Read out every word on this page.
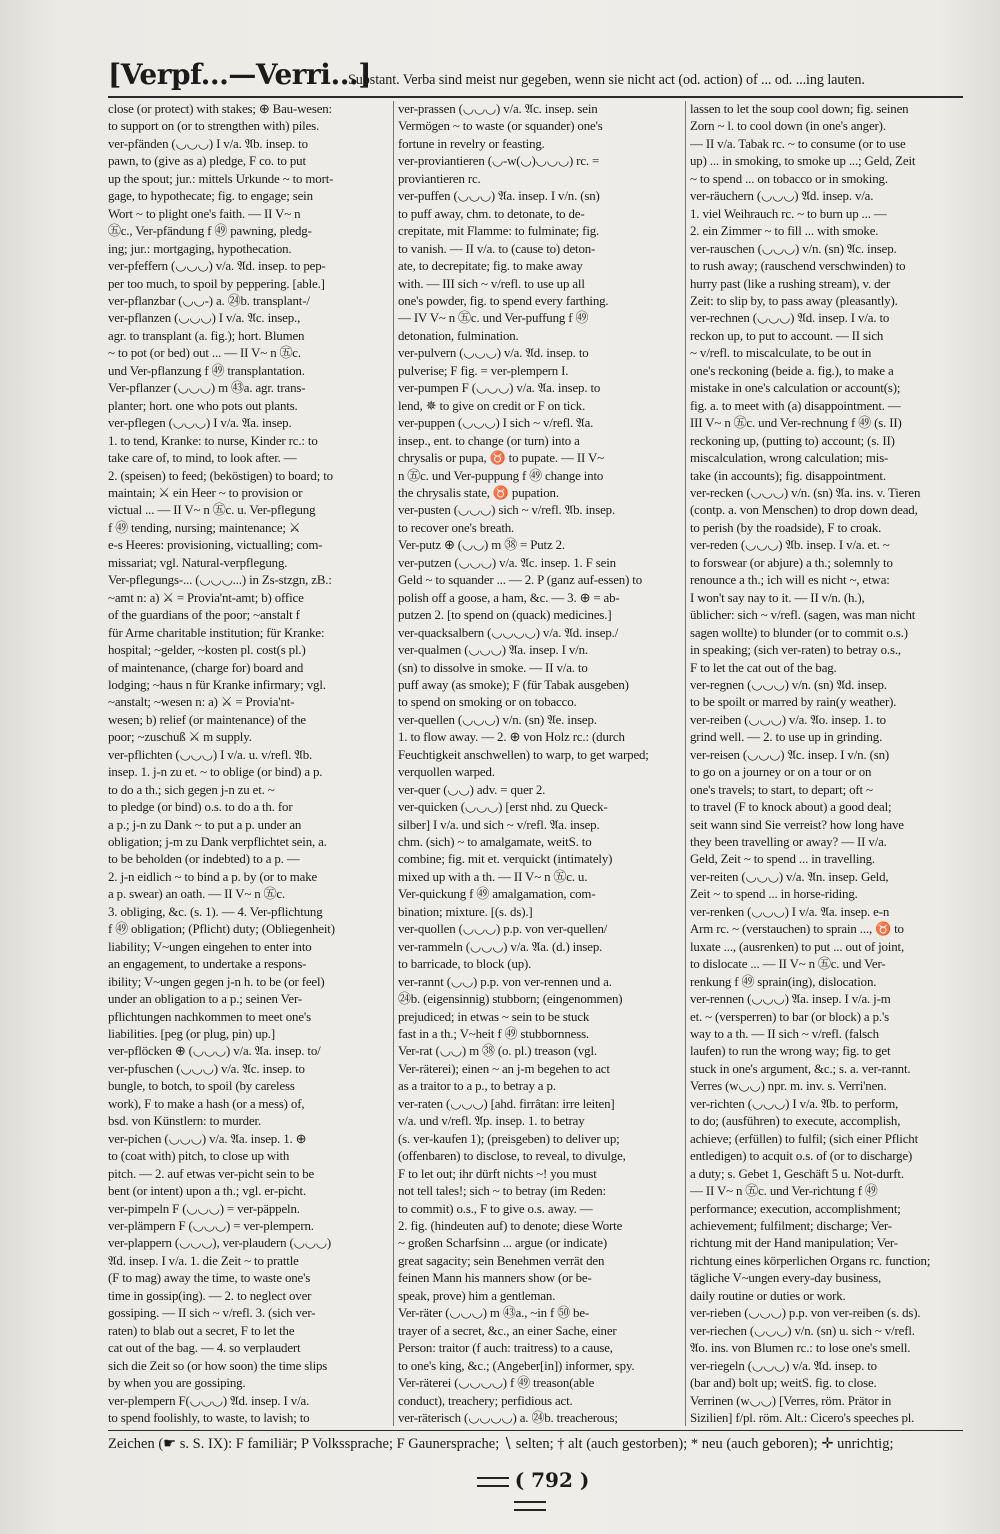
[Verpf...—Verri...]
Substant. Verba sind meist nur gegeben, wenn sie nicht act (od. action) of ... od. ...ing lauten.
close (or protect) with stakes; ⊕ Bau-wesen:
to support on (or to strengthen with) piles.
ver-pfänden (◡◡◡) I v/a. 𝔄b. insep. to
pawn, to (give as a) pledge, F co. to put
up the spout; jur.: mittels Urkunde ~ to mort-
gage, to hypothecate; fig. to engage; sein
Wort ~ to plight one's faith. — II V~ n
㊄c., Ver-pfändung f ㊾ pawning, pledg-
ing; jur.: mortgaging, hypothecation.
ver-pfeffern (◡◡◡) v/a. 𝔄d. insep. to pep-
per too much, to spoil by peppering. [able.]
ver-pflanzbar (◡◡-) a. ㉔b. transplant-/
ver-pflanzen (◡◡◡) I v/a. 𝔄c. insep.,
agr. to transplant (a. fig.); hort. Blumen
~ to pot (or bed) out ... — II V~ n ㊄c.
und Ver-pflanzung f ㊾ transplantation.
Ver-pflanzer (◡◡◡) m ㊸a. agr. trans-
planter; hort. one who pots out plants.
ver-pflegen (◡◡◡) I v/a. 𝔄a. insep.
1. to tend, Kranke: to nurse, Kinder rc.: to
take care of, to mind, to look after. —
2. (speisen) to feed; (beköstigen) to board; to
maintain; ⚔ ein Heer ~ to provision or
victual ... — II V~ n ㊄c. u. Ver-pflegung
f ㊾ tending, nursing; maintenance; ⚔
e-s Heeres: provisioning, victualling; com-
missariat; vgl. Natural-verpflegung.
Ver-pflegungs-... (◡◡◡...) in Zs-stzgn, zB.:
~amt n: a) ⚔ = Provia'nt-amt; b) office
of the guardians of the poor; ~anstalt f
für Arme charitable institution; für Kranke:
hospital; ~gelder, ~kosten pl. cost(s pl.)
of maintenance, (charge for) board and
lodging; ~haus n für Kranke infirmary; vgl.
~anstalt; ~wesen n: a) ⚔ = Provia'nt-
wesen; b) relief (or maintenance) of the
poor; ~zuschuß ⚔ m supply.
ver-pflichten (◡◡◡) I v/a. u. v/refl. 𝔄b.
insep. 1. j-n zu et. ~ to oblige (or bind) a p.
to do a th.; sich gegen j-n zu et. ~
to pledge (or bind) o.s. to do a th. for
a p.; j-n zu Dank ~ to put a p. under an
obligation; j-m zu Dank verpflichtet sein, a.
to be beholden (or indebted) to a p. —
2. j-n eidlich ~ to bind a p. by (or to make
a p. swear) an oath. — II V~ n ㊄c.
3. obliging, &c. (s. 1). — 4. Ver-pflichtung
f ㊾ obligation; (Pflicht) duty; (Obliegenheit)
liability; V~ungen eingehen to enter into
an engagement, to undertake a respons-
ibility; V~ungen gegen j-n h. to be (or feel)
under an obligation to a p.; seinen Ver-
pflichtungen nachkommen to meet one's
liabilities. [peg (or plug, pin) up.]
ver-pflöcken ⊕ (◡◡◡) v/a. 𝔄a. insep. to/
ver-pfuschen (◡◡◡) v/a. 𝔄c. insep. to
bungle, to botch, to spoil (by careless
work), F to make a hash (or a mess) of,
bsd. von Künstlern: to murder.
ver-pichen (◡◡◡) v/a. 𝔄a. insep. 1. ⊕
to (coat with) pitch, to close up with
pitch. — 2. auf etwas ver-picht sein to be
bent (or intent) upon a th.; vgl. er-picht.
ver-pimpeln F (◡◡◡) = ver-päppeln.
ver-plämpern F (◡◡◡) = ver-plempern.
ver-plappern (◡◡◡), ver-plaudern (◡◡◡)
𝔄d. insep. I v/a. 1. die Zeit ~ to prattle
(F to mag) away the time, to waste one's
time in gossip(ing). — 2. to neglect over
gossiping. — II sich ~ v/refl. 3. (sich ver-
raten) to blab out a secret, F to let the
cat out of the bag. — 4. so verplaudert
sich die Zeit so (or how soon) the time slips
by when you are gossiping.
ver-plempern F(◡◡◡) 𝔄d. insep. I v/a.
to spend foolishly, to waste, to lavish; to
ver-prassen (◡◡◡) v/a. 𝔄c. insep. sein
Vermögen ~ to waste (or squander) one's
fortune in revelry or feasting.
ver-proviantieren (◡-w(◡)◡◡◡) rc. =
proviantieren rc.
ver-puffen (◡◡◡) 𝔄a. insep. I v/n. (sn)
to puff away, chm. to detonate, to de-
crepitate, mit Flamme: to fulminate; fig.
to vanish. — II v/a. to (cause to) deton-
ate, to decrepitate; fig. to make away
with. — III sich ~ v/refl. to use up all
one's powder, fig. to spend every farthing.
— IV V~ n ㊄c. und Ver-puffung f ㊾
detonation, fulmination.
ver-pulvern (◡◡◡) v/a. 𝔄d. insep. to
pulverise; F fig. = ver-plempern I.
ver-pumpen F (◡◡◡) v/a. 𝔄a. insep. to
lend, ✵ to give on credit or F on tick.
ver-puppen (◡◡◡) I sich ~ v/refl. 𝔄a.
insep., ent. to change (or turn) into a
chrysalis or pupa, ♉ to pupate. — II V~
n ㊄c. und Ver-puppung f ㊾ change into
the chrysalis state, ♉ pupation.
ver-pusten (◡◡◡) sich ~ v/refl. 𝔄b. insep.
to recover one's breath.
Ver-putz ⊕ (◡◡) m ㊳ = Putz 2.
ver-putzen (◡◡◡) v/a. 𝔄c. insep. 1. F sein
Geld ~ to squander ... — 2. P (ganz auf-essen) to
polish off a goose, a ham, &c. — 3. ⊕ = ab-
putzen 2. [to spend on (quack) medicines.]
ver-quacksalbern (◡◡◡◡) v/a. 𝔄d. insep./
ver-qualmen (◡◡◡) 𝔄a. insep. I v/n.
(sn) to dissolve in smoke. — II v/a. to
puff away (as smoke); F (für Tabak ausgeben)
to spend on smoking or on tobacco.
ver-quellen (◡◡◡) v/n. (sn) 𝔄e. insep.
1. to flow away. — 2. ⊕ von Holz rc.: (durch
Feuchtigkeit anschwellen) to warp, to get warped;
verquollen warped.
ver-quer (◡◡) adv. = quer 2.
ver-quicken (◡◡◡) [erst nhd. zu Queck-
silber] I v/a. und sich ~ v/refl. 𝔄a. insep.
chm. (sich) ~ to amalgamate, weitS. to
combine; fig. mit et. verquickt (intimately)
mixed up with a th. — II V~ n ㊄c. u.
Ver-quickung f ㊾ amalgamation, com-
bination; mixture. [(s. ds).]
ver-quollen (◡◡◡) p.p. von ver-quellen/
ver-rammeln (◡◡◡) v/a. 𝔄a. (d.) insep.
to barricade, to block (up).
ver-rannt (◡◡) p.p. von ver-rennen und a.
㉔b. (eigensinnig) stubborn; (eingenommen)
prejudiced; in etwas ~ sein to be stuck
fast in a th.; V~heit f ㊾ stubbornness.
Ver-rat (◡◡) m ㊳ (o. pl.) treason (vgl.
Ver-räterei); einen ~ an j-m begehen to act
as a traitor to a p., to betray a p.
ver-raten (◡◡◡) [ahd. firrâtan: irre leiten]
v/a. und v/refl. 𝔄p. insep. 1. to betray
(s. ver-kaufen 1); (preisgeben) to deliver up;
(offenbaren) to disclose, to reveal, to divulge,
F to let out; ihr dürft nichts ~! you must
not tell tales!; sich ~ to betray (im Reden:
to commit) o.s., F to give o.s. away. —
2. fig. (hindeuten auf) to denote; diese Worte
~ großen Scharfsinn ... argue (or indicate)
great sagacity; sein Benehmen verrät den
feinen Mann his manners show (or be-
speak, prove) him a gentleman.
Ver-räter (◡◡◡) m ㊸a., ~in f ㊿ be-
trayer of a secret, &c., an einer Sache, einer
Person: traitor (f auch: traitress) to a cause,
to one's king, &c.; (Angeber[in]) informer, spy.
Ver-räterei (◡◡◡◡) f ㊾ treason(able
conduct), treachery; perfidious act.
ver-räterisch (◡◡◡◡) a. ㉔b. treacherous;
lassen to let the soup cool down; fig. seinen
Zorn ~ l. to cool down (in one's anger).
— II v/a. Tabak rc. ~ to consume (or to use
up) ... in smoking, to smoke up ...; Geld, Zeit
~ to spend ... on tobacco or in smoking.
ver-räuchern (◡◡◡) 𝔄d. insep. v/a.
1. viel Weihrauch rc. ~ to burn up ... —
2. ein Zimmer ~ to fill ... with smoke.
ver-rauschen (◡◡◡) v/n. (sn) 𝔄c. insep.
to rush away; (rauschend verschwinden) to
hurry past (like a rushing stream), v. der
Zeit: to slip by, to pass away (pleasantly).
ver-rechnen (◡◡◡) 𝔄d. insep. I v/a. to
reckon up, to put to account. — II sich
~ v/refl. to miscalculate, to be out in
one's reckoning (beide a. fig.), to make a
mistake in one's calculation or account(s);
fig. a. to meet with (a) disappointment. —
III V~ n ㊄c. und Ver-rechnung f ㊾ (s. II)
reckoning up, (putting to) account; (s. II)
miscalculation, wrong calculation; mis-
take (in accounts); fig. disappointment.
ver-recken (◡◡◡) v/n. (sn) 𝔄a. ins. v. Tieren
(contp. a. von Menschen) to drop down dead,
to perish (by the roadside), F to croak.
ver-reden (◡◡◡) 𝔄b. insep. I v/a. et. ~
to forswear (or abjure) a th.; solemnly to
renounce a th.; ich will es nicht ~, etwa:
I won't say nay to it. — II v/n. (h.),
üblicher: sich ~ v/refl. (sagen, was man nicht
sagen wollte) to blunder (or to commit o.s.)
in speaking; (sich ver-raten) to betray o.s.,
F to let the cat out of the bag.
ver-regnen (◡◡◡) v/n. (sn) 𝔄d. insep.
to be spoilt or marred by rain(y weather).
ver-reiben (◡◡◡) v/a. 𝔄o. insep. 1. to
grind well. — 2. to use up in grinding.
ver-reisen (◡◡◡) 𝔄c. insep. I v/n. (sn)
to go on a journey or on a tour or on
one's travels; to start, to depart; oft ~
to travel (F to knock about) a good deal;
seit wann sind Sie verreist? how long have
they been travelling or away? — II v/a.
Geld, Zeit ~ to spend ... in travelling.
ver-reiten (◡◡◡) v/a. 𝔄n. insep. Geld,
Zeit ~ to spend ... in horse-riding.
ver-renken (◡◡◡) I v/a. 𝔄a. insep. e-n
Arm rc. ~ (verstauchen) to sprain ..., ♉ to
luxate ..., (ausrenken) to put ... out of joint,
to dislocate ... — II V~ n ㊄c. und Ver-
renkung f ㊾ sprain(ing), dislocation.
ver-rennen (◡◡◡) 𝔄a. insep. I v/a. j-m
et. ~ (versperren) to bar (or block) a p.'s
way to a th. — II sich ~ v/refl. (falsch
laufen) to run the wrong way; fig. to get
stuck in one's argument, &c.; s. a. ver-rannt.
Verres (w◡◡) npr. m. inv. s. Verri'nen.
ver-richten (◡◡◡) I v/a. 𝔄b. to perform,
to do; (ausführen) to execute, accomplish,
achieve; (erfüllen) to fulfil; (sich einer Pflicht
entledigen) to acquit o.s. of (or to discharge)
a duty; s. Gebet 1, Geschäft 5 u. Not-durft.
— II V~ n ㊄c. und Ver-richtung f ㊾
performance; execution, accomplishment;
achievement; fulfilment; discharge; Ver-
richtung mit der Hand manipulation; Ver-
richtung eines körperlichen Organs rc. function;
tägliche V~ungen every-day business,
daily routine or duties or work.
ver-rieben (◡◡◡) p.p. von ver-reiben (s. ds).
ver-riechen (◡◡◡) v/n. (sn) u. sich ~ v/refl.
𝔄o. ins. von Blumen rc.: to lose one's smell.
ver-riegeln (◡◡◡) v/a. 𝔄d. insep. to
(bar and) bolt up; weitS. fig. to close.
Verrinen (w◡◡) [Verres, röm. Prätor in
Sizilien] f/pl. röm. Alt.: Cicero's speeches pl.
Zeichen (☛ s. S. IX): F familiär; P Volkssprache; F Gaunersprache; ∖ selten; † alt (auch gestorben); * neu (auch geboren); ✛ unrichtig;
( 792 )
